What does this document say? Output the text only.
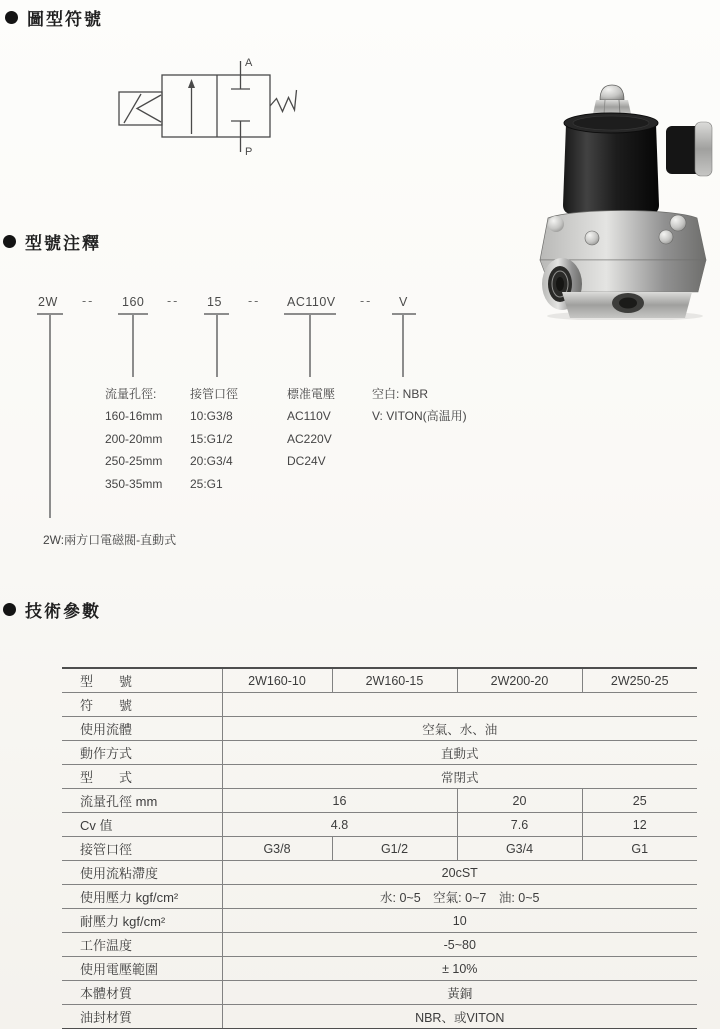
圖型符號
A
P
型號注釋
2W -- 160 -- 15 -- AC110V -- V
流量孔徑:
160-16mm
200-20mm
250-25mm
350-35mm
接管口徑
10:G3/8
15:G1/2
20:G3/4
25:G1
標准電壓
AC110V
AC220V
DC24V
空白: NBR
V: VITON(高温用)
2W:兩方口電磁閥-直動式
技術參數
型　　號	2W160-10	2W160-15	2W200-20	2W250-25
符　　號				
使用流體	空氣、水、油			
動作方式	直動式			
型　　式	常閉式			
流量孔徑 mm	16		20	25
Cv 值	4.8		7.6	12
接管口徑	G3/8	G1/2	G3/4	G1
使用流粘滯度	20cST			
使用壓力 kgf/cm²	水: 0~5　空氣: 0~7　油: 0~5			
耐壓力 kgf/cm²	10			
工作温度	-5~80			
使用電壓範圍	± 10%			
本體材質	黃銅			
油封材質	NBR、或VITON			
